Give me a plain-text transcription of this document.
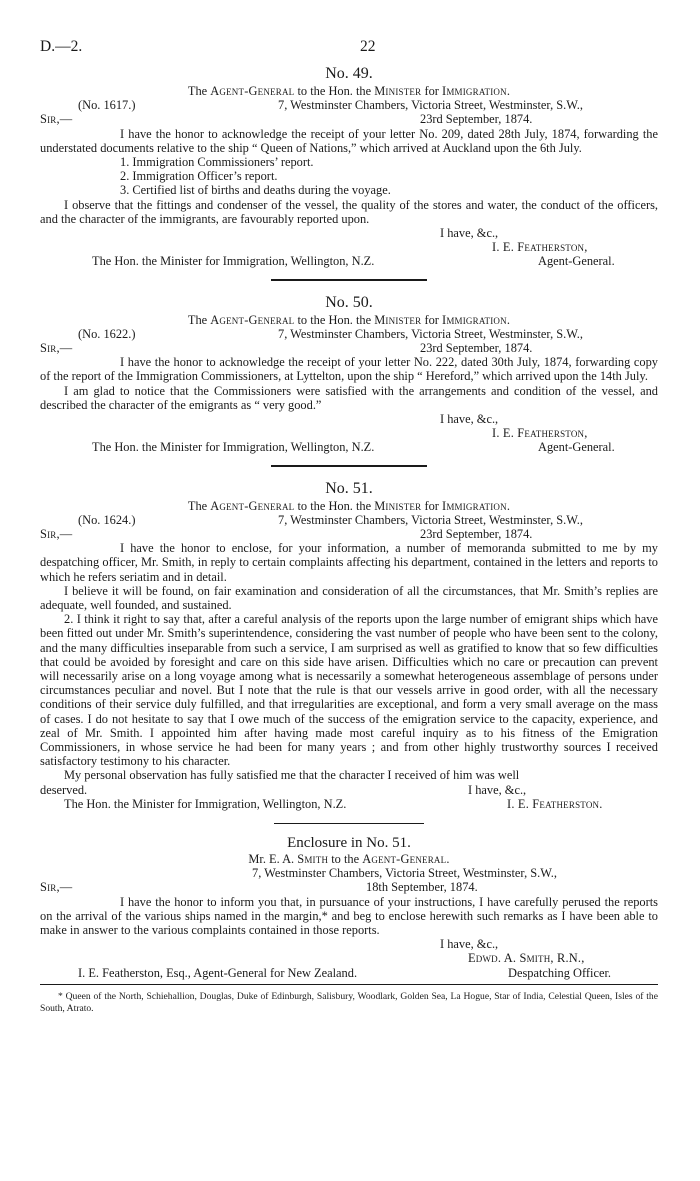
D.—2.	22
No. 49.
The Agent-General to the Hon. the Minister for Immigration.
(No. 1617.)	7, Westminster Chambers, Victoria Street, Westminster, S.W.,
Sir,—	23rd September, 1874.

I have the honor to acknowledge the receipt of your letter No. 209, dated 28th July, 1874, forwarding the understated documents relative to the ship “ Queen of Nations,” which arrived at Auckland upon the 6th July.

1. Immigration Commissioners’ report.
2. Immigration Officer’s report.
3. Certified list of births and deaths during the voyage.

I observe that the fittings and condenser of the vessel, the quality of the stores and water, the conduct of the officers, and the character of the immigrants, are favourably reported upon.

I have, &c.,
I. E. Featherston,
The Hon. the Minister for Immigration, Wellington, N.Z.	Agent-General.
No. 50.
The Agent-General to the Hon. the Minister for Immigration.
(No. 1622.)	7, Westminster Chambers, Victoria Street, Westminster, S.W.,
Sir,—	23rd September, 1874.

I have the honor to acknowledge the receipt of your letter No. 222, dated 30th July, 1874, forwarding copy of the report of the Immigration Commissioners, at Lyttelton, upon the ship “ Hereford,” which arrived upon the 14th July.

I am glad to notice that the Commissioners were satisfied with the arrangements and condition of the vessel, and described the character of the emigrants as “ very good.”

I have, &c.,
I. E. Featherston,
The Hon. the Minister for Immigration, Wellington, N.Z.	Agent-General.
No. 51.
The Agent-General to the Hon. the Minister for Immigration.
(No. 1624.)	7, Westminster Chambers, Victoria Street, Westminster, S.W.,
Sir,—	23rd September, 1874.

I have the honor to enclose, for your information, a number of memoranda submitted to me by my despatching officer, Mr. Smith, in reply to certain complaints affecting his department, contained in the letters and reports to which he refers seriatim and in detail.

I believe it will be found, on fair examination and consideration of all the circumstances, that Mr. Smith’s replies are adequate, well founded, and sustained.

2. I think it right to say that, after a careful analysis of the reports upon the large number of emigrant ships which have been fitted out under Mr. Smith’s superintendence, considering the vast number of people who have been sent to the colony, and the many difficulties inseparable from such a service, I am surprised as well as gratified to know that so few difficulties that could be avoided by foresight and care on this side have arisen. Difficulties which no care or precaution can prevent will necessarily arise on a long voyage among what is necessarily a somewhat heterogeneous assemblage of persons under circumstances peculiar and novel. But I note that the rule is that our vessels arrive in good order, with all the necessary conditions of their service duly fulfilled, and that irregularities are exceptional, and form a very small average on the mass of cases. I do not hesitate to say that I owe much of the success of the emigration service to the capacity, experience, and zeal of Mr. Smith. I appointed him after having made most careful inquiry as to his fitness of the Emigration Commissioners, in whose service he had been for many years ; and from other highly trustworthy sources I received satisfactory testimony to his character.

My personal observation has fully satisfied me that the character I received of him was well

deserved.	I have, &c.,
The Hon. the Minister for Immigration, Wellington, N.Z.	I. E. Featherston.
Enclosure in No. 51.
Mr. E. A. Smith to the Agent-General.
7, Westminster Chambers, Victoria Street, Westminster, S.W.,
Sir,—	18th September, 1874.

I have the honor to inform you that, in pursuance of your instructions, I have carefully perused the reports on the arrival of the various ships named in the margin,* and beg to enclose herewith such remarks as I have been able to make in answer to the various complaints contained in those reports.

I have, &c.,
Edwd. A. Smith, R.N.,
I. E. Featherston, Esq., Agent-General for New Zealand.	Despatching Officer.

* Queen of the North, Schiehallion, Douglas, Duke of Edinburgh, Salisbury, Woodlark, Golden Sea, La Hogue, Star of India, Celestial Queen, Isles of the South, Atrato.
